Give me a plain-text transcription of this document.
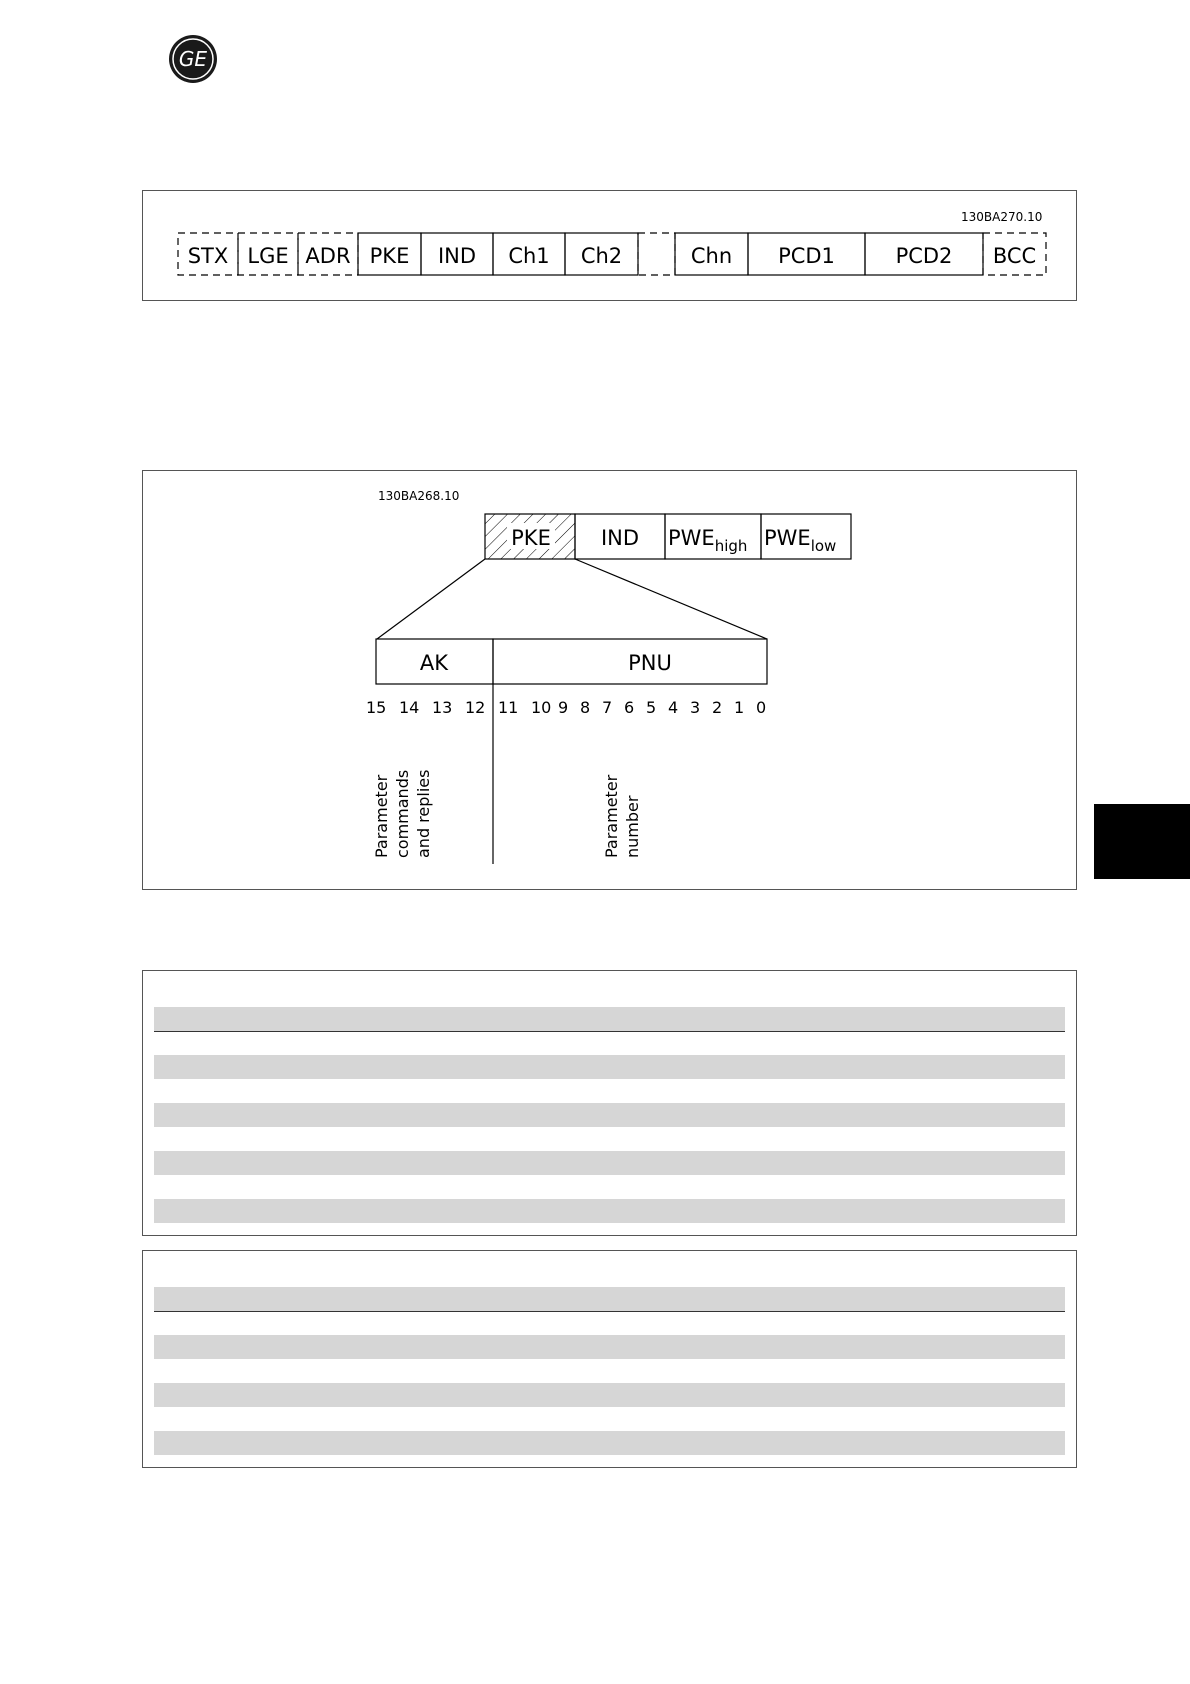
GE
130BA270.10
STX LGE ADR PKE IND Ch1 Ch2	Chn PCD1	PCD2 BCC
130BA268.10
PKE IND $PWE_{high}$ $PWE_{low}$
AK	PNU
15 14 13 12 11 10 9 8 7 6 5 4 3 2 1 0
Parameter commands and replies	Parameter number
